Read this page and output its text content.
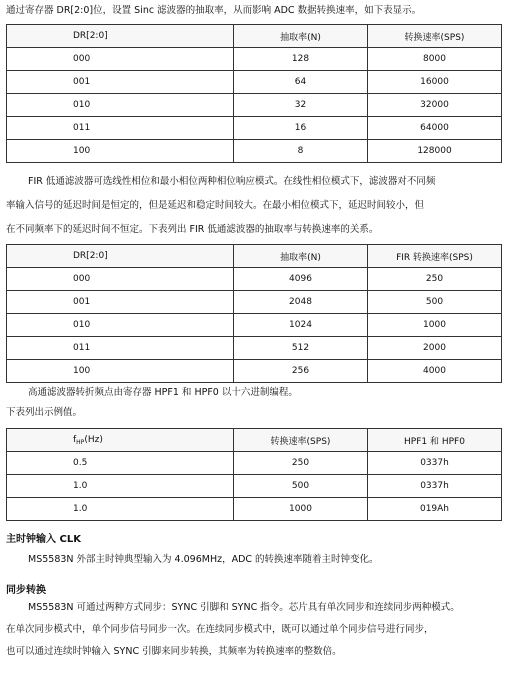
通过寄存器 DR[2:0]位，设置 Sinc 滤波器的抽取率，从而影响 ADC 数据转换速率，如下表显示。
DR[2:0]	抽取率(N)	转换速率(SPS)
000	128	8000
001	64	16000
010	32	32000
011	16	64000
100	8	128000
FIR 低通滤波器可选线性相位和最小相位两种相位响应模式。在线性相位模式下，滤波器对不同频
率输入信号的延迟时间是恒定的，但是延迟和稳定时间较大。在最小相位模式下，延迟时间较小，但
在不同频率下的延迟时间不恒定。下表列出 FIR 低通滤波器的抽取率与转换速率的关系。
DR[2:0]	抽取率(N)	FIR 转换速率(SPS)
000	4096	250
001	2048	500
010	1024	1000
011	512	2000
100	256	4000
高通滤波器转折频点由寄存器 HPF1 和 HPF0 以十六进制编程。
下表列出示例值。
$f_{HP}(Hz)$	转换速率(SPS)	HPF1 和 HPF0
0.5	250	0337h
1.0	500	0337h
1.0	1000	019Ah
主时钟输入 CLK
MS5583N 外部主时钟典型输入为 4.096MHz，ADC 的转换速率随着主时钟变化。
同步转换
MS5583N 可通过两种方式同步：SYNC 引脚和 SYNC 指令。芯片具有单次同步和连续同步两种模式。
在单次同步模式中，单个同步信号同步一次。在连续同步模式中，既可以通过单个同步信号进行同步，
也可以通过连续时钟输入 SYNC 引脚来同步转换，其频率为转换速率的整数倍。
